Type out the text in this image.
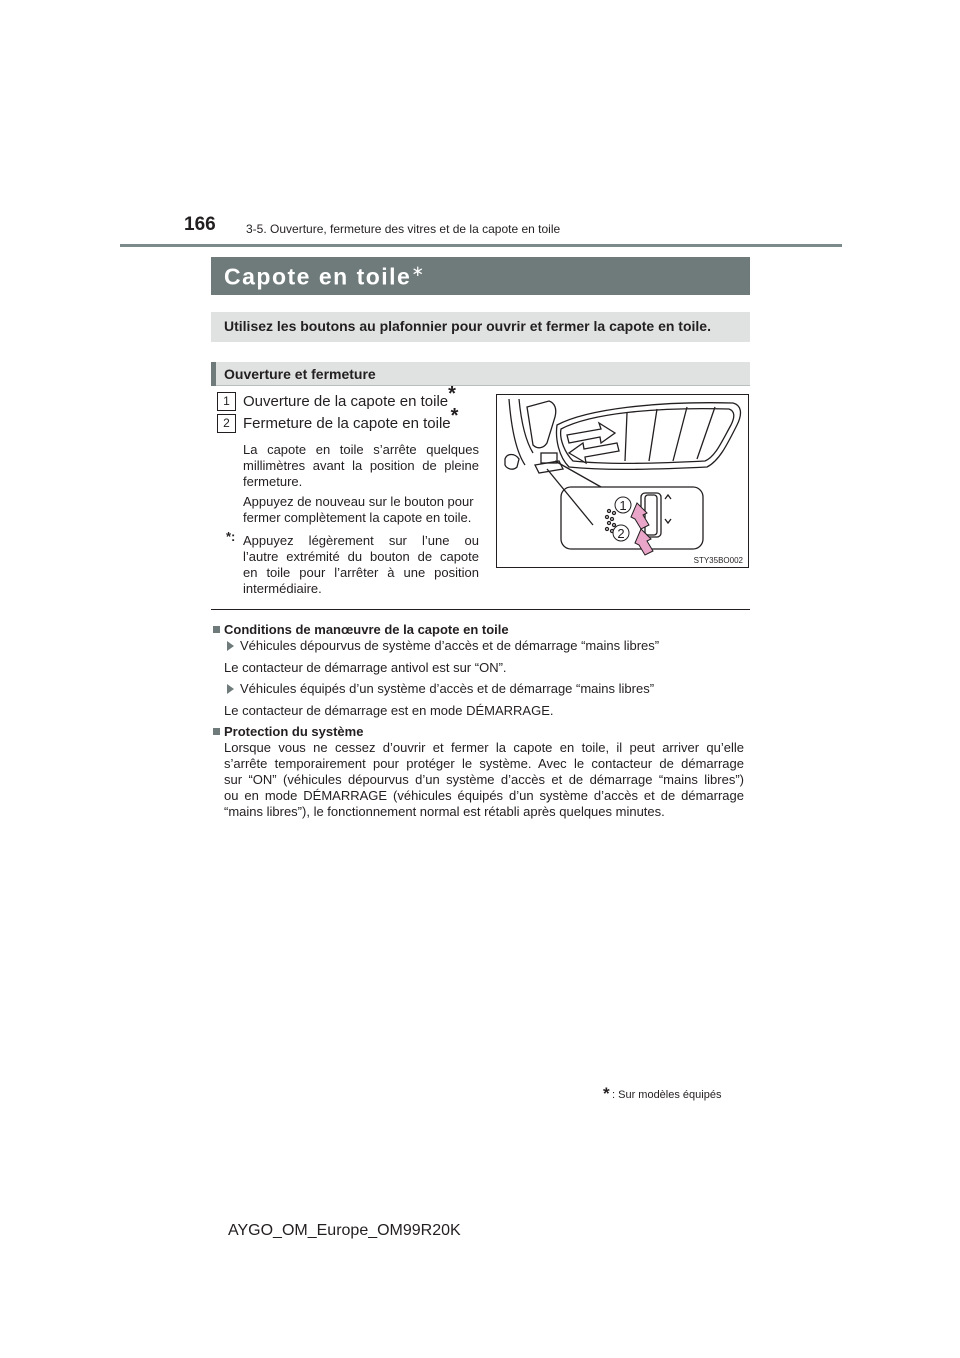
166	3-5. Ouverture, fermeture des vitres et de la capote en toile
Capote en toile∗
Utilisez les boutons au plafonnier pour ouvrir et fermer la capote en toile.
Ouverture et fermeture
1 Ouverture de la capote en toile*
2 Fermeture de la capote en toile*
La capote en toile s’arrête quelques
millimètres avant la position de pleine
fermeture.
Appuyez de nouveau sur le bouton pour
fermer complètement la capote en toile.
*: Appuyez légèrement sur l’une ou
l’autre extrémité du bouton de capote
en toile pour l’arrêter à une position
intermédiaire.
1
2
STY35BO002
Conditions de manœuvre de la capote en toile
Véhicules dépourvus de système d’accès et de démarrage “mains libres”
Le contacteur de démarrage antivol est sur “ON”.
Véhicules équipés d’un système d’accès et de démarrage “mains libres”
Le contacteur de démarrage est en mode DÉMARRAGE.
Protection du système
Lorsque vous ne cessez d’ouvrir et fermer la capote en toile, il peut arriver qu’elle
s’arrête temporairement pour protéger le système. Avec le contacteur de démarrage
sur “ON” (véhicules dépourvus d’un système d’accès et de démarrage “mains libres”)
ou en mode DÉMARRAGE (véhicules équipés d’un système d’accès et de démarrage
“mains libres”), le fonctionnement normal est rétabli après quelques minutes.
* : Sur modèles équipés
AYGO_OM_Europe_OM99R20K
